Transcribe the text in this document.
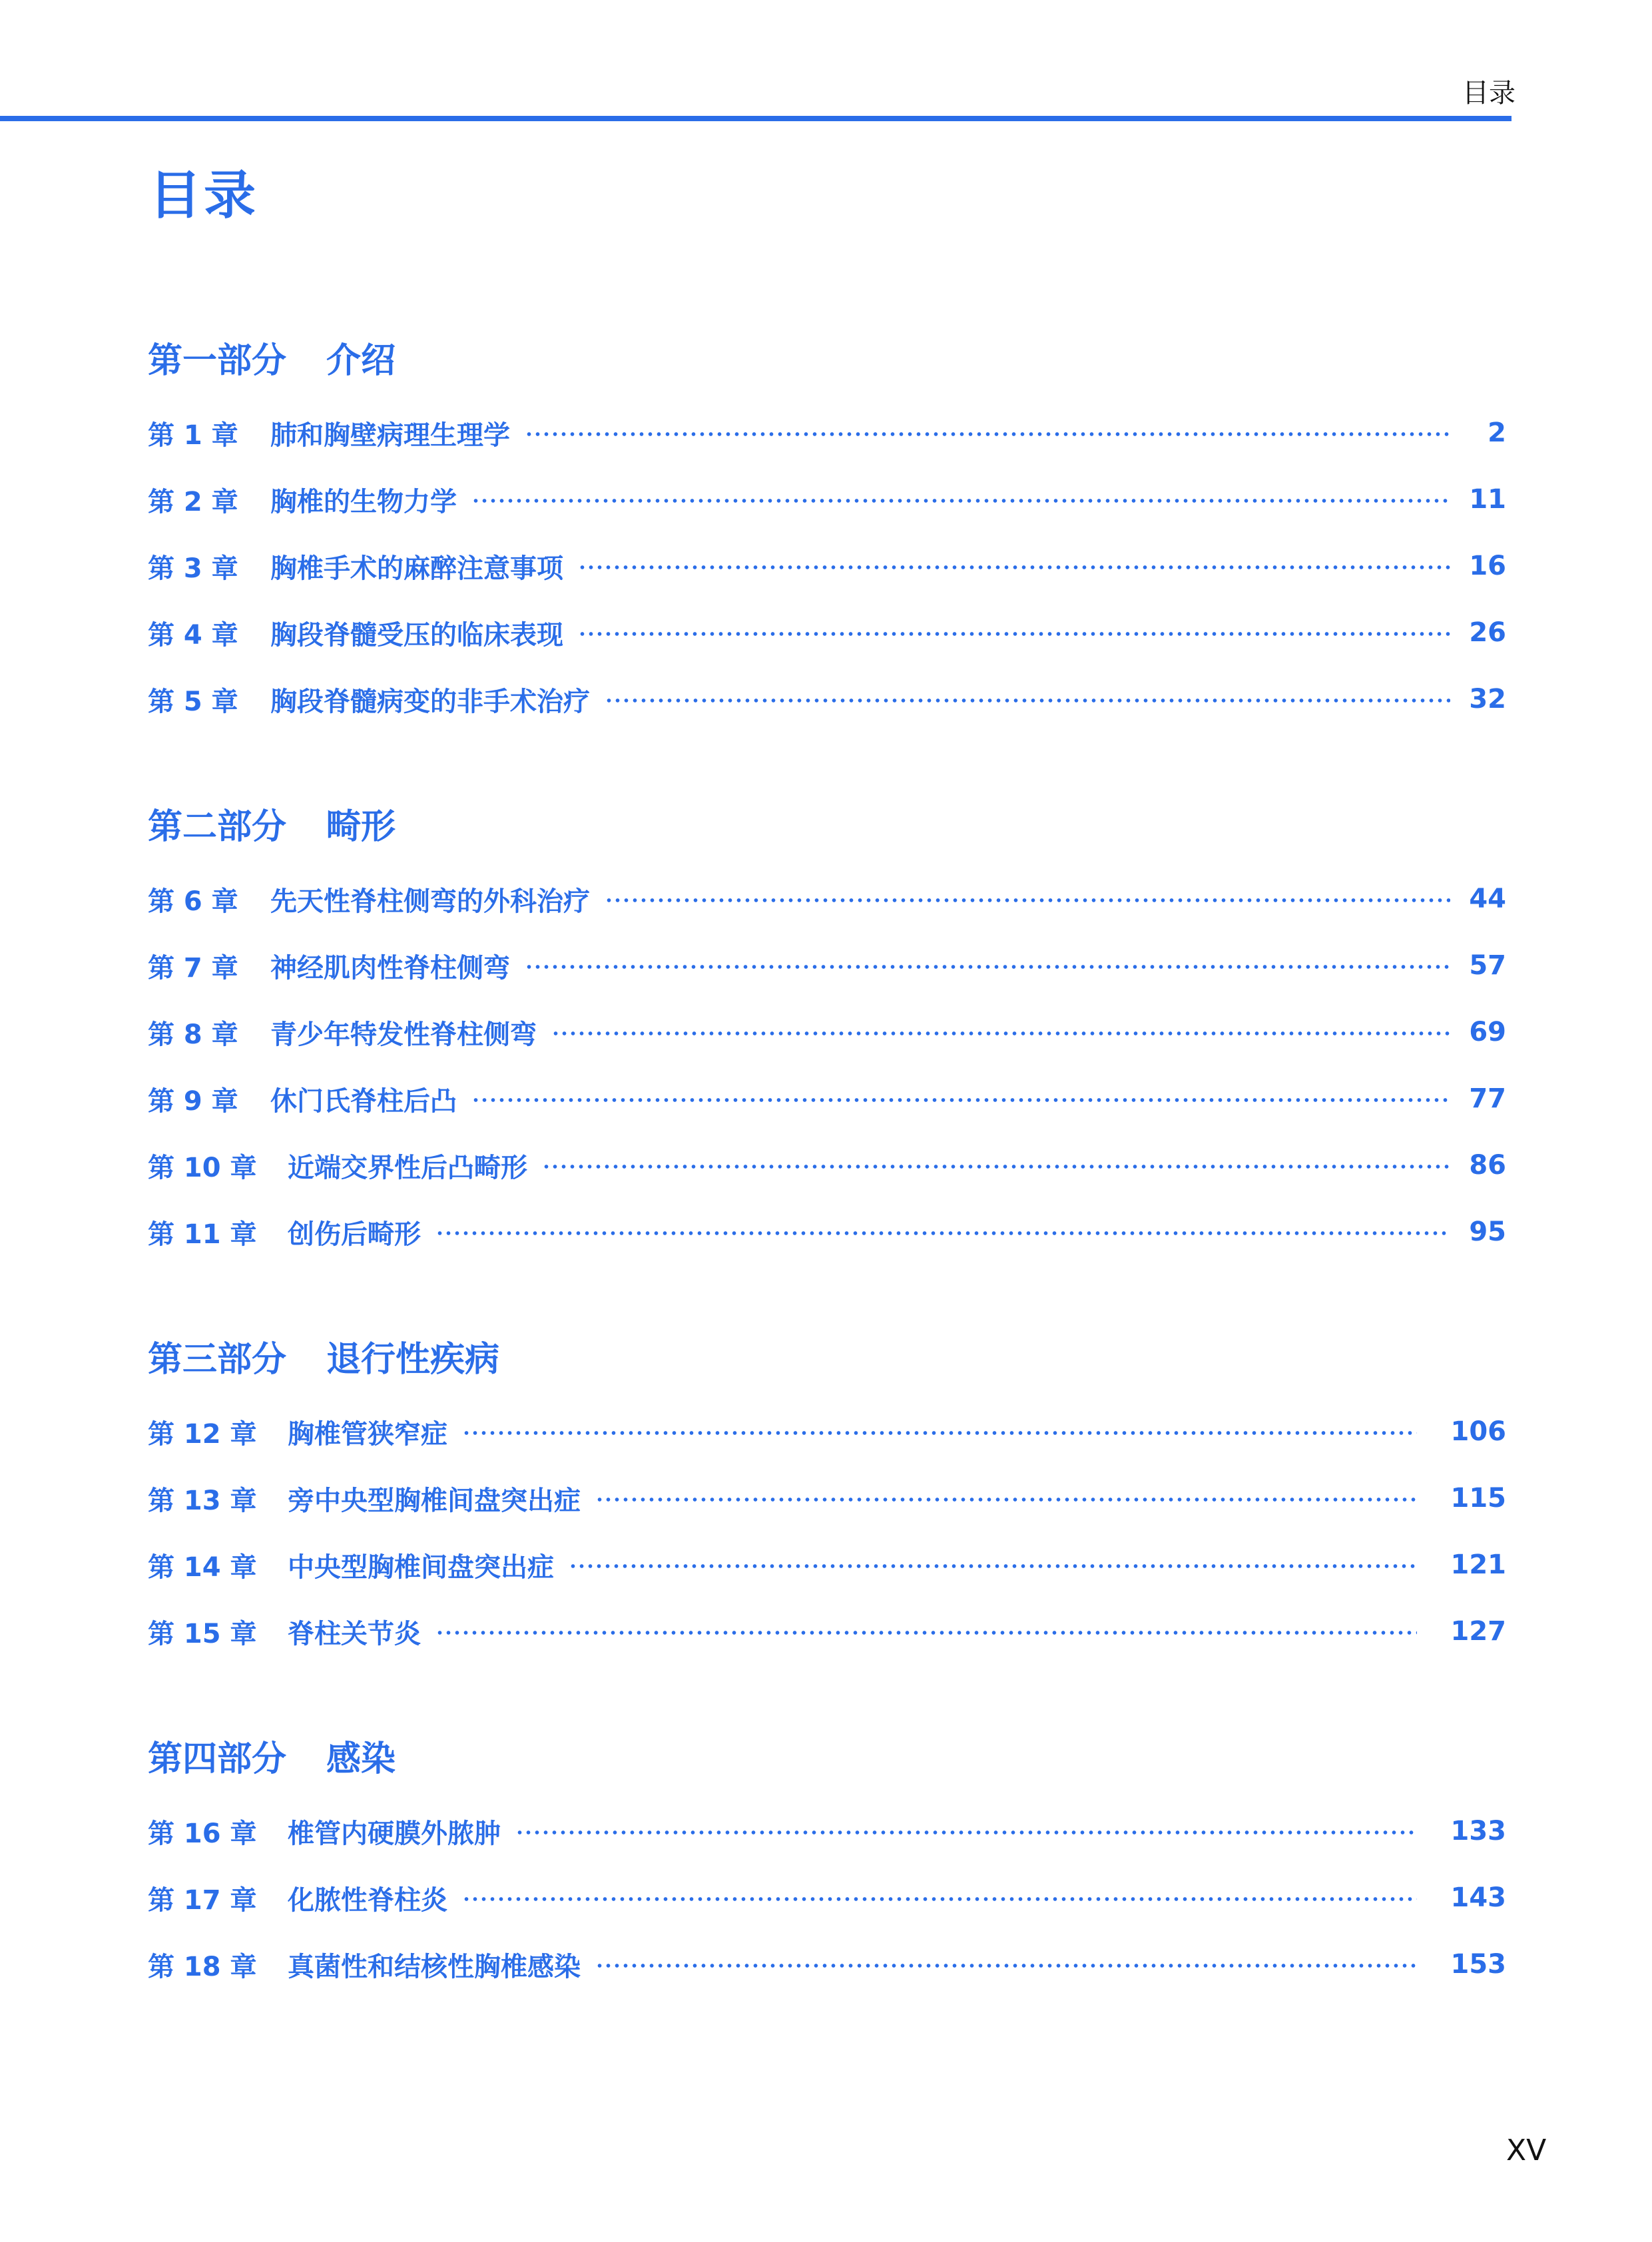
目录
目录
第一部分 介绍
第 1 章	肺和胸壁病理生理学	2
第 2 章	胸椎的生物力学	11
第 3 章	胸椎手术的麻醉注意事项	16
第 4 章	胸段脊髓受压的临床表现	26
第 5 章	胸段脊髓病变的非手术治疗	32
第二部分 畸形
第 6 章	先天性脊柱侧弯的外科治疗	44
第 7 章	神经肌肉性脊柱侧弯	57
第 8 章	青少年特发性脊柱侧弯	69
第 9 章	休门氏脊柱后凸	77
第 10 章	近端交界性后凸畸形	86
第 11 章	创伤后畸形	95
第三部分 退行性疾病
第 12 章	胸椎管狭窄症	106
第 13 章	旁中央型胸椎间盘突出症	115
第 14 章	中央型胸椎间盘突出症	121
第 15 章	脊柱关节炎	127
第四部分 感染
第 16 章	椎管内硬膜外脓肿	133
第 17 章	化脓性脊柱炎	143
第 18 章	真菌性和结核性胸椎感染	153
XV
